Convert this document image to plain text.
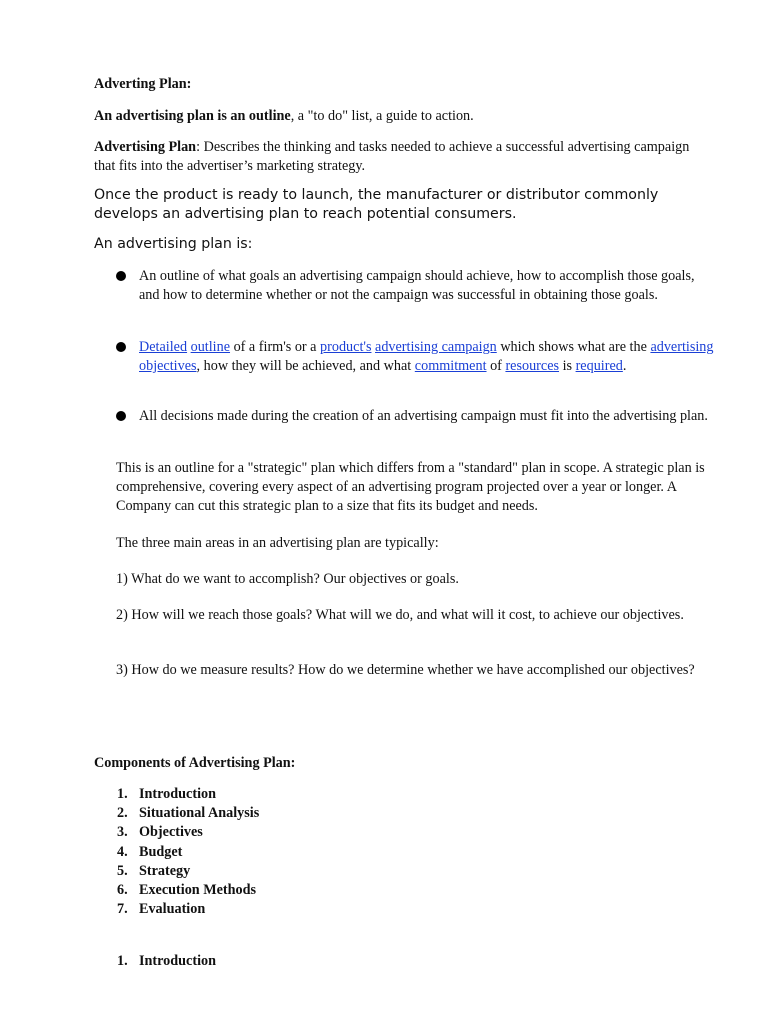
Adverting Plan:

An advertising plan is an outline, a "to do" list, a guide to action.

Advertising Plan: Describes the thinking and tasks needed to achieve a successful advertising campaign that fits into the advertiser’s marketing strategy.

Once the product is ready to launch, the manufacturer or distributor commonly develops an advertising plan to reach potential consumers.

An advertising plan is:

An outline of what goals an advertising campaign should achieve, how to accomplish those goals, and how to determine whether or not the campaign was successful in obtaining those goals.

Detailed outline of a firm's or a product's advertising campaign which shows what are the advertising objectives, how they will be achieved, and what commitment of resources is required.

All decisions made during the creation of an advertising campaign must fit into the advertising plan.

This is an outline for a "strategic" plan which differs from a "standard" plan in scope. A strategic plan is comprehensive, covering every aspect of an advertising program projected over a year or longer. A Company can cut this strategic plan to a size that fits its budget and needs.

The three main areas in an advertising plan are typically:

1) What do we want to accomplish? Our objectives or goals.

2) How will we reach those goals? What will we do, and what will it cost, to achieve our objectives.

3) How do we measure results? How do we determine whether we have accomplished our objectives?

Components of Advertising Plan:

1. Introduction
2. Situational Analysis
3. Objectives
4. Budget
5. Strategy
6. Execution Methods
7. Evaluation
1. Introduction
